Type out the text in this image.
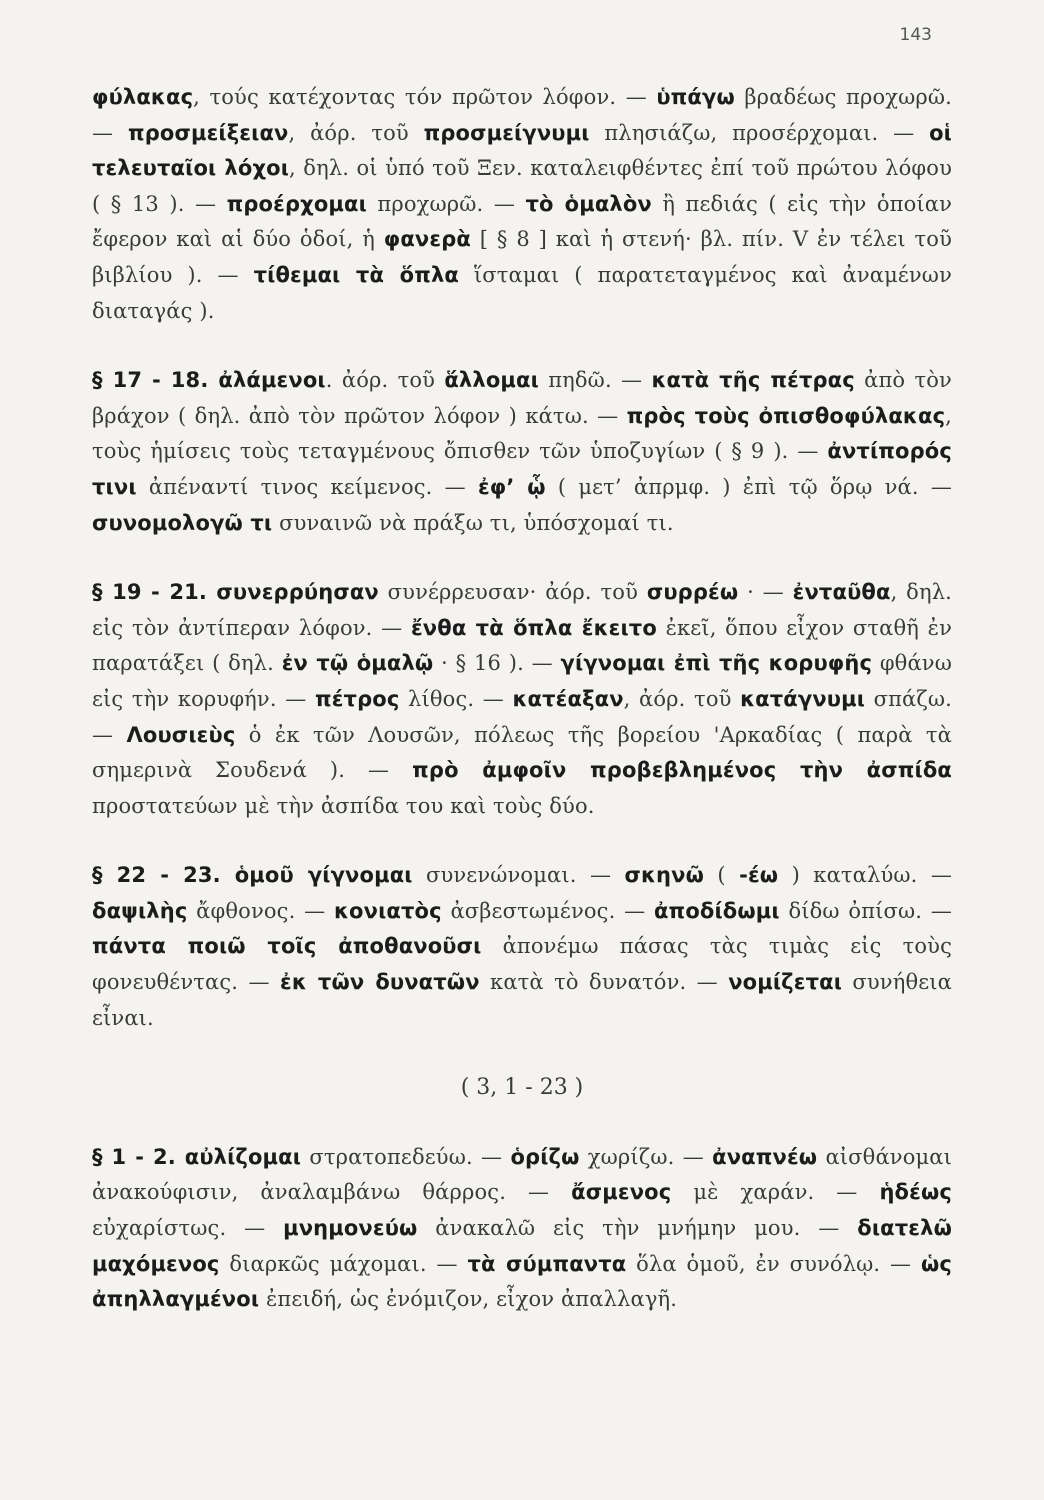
143

φύλακας, τούς κατέχοντας τόν πρῶτον λόφον. — ὑπάγω βραδέως προχωρῶ. — προσμείξειαν, ἀόρ. τοῦ προσμείγνυμι πλησιάζω, προσέρχομαι. — οἱ τελευταῖοι λόχοι, δηλ. οἱ ὑπό τοῦ Ξεν. καταλειφθέντες ἐπί τοῦ πρώτου λόφου ( § 13 ). — προέρχομαι προχωρῶ. — τὸ ὁμαλὸν ἢ πεδιάς ( εἰς τὴν ὁποίαν ἔφερον καὶ αἱ δύο ὁδοί, ἡ φανερὰ [ § 8 ] καὶ ἡ στενή· βλ. πίν. V ἐν τέλει τοῦ βιβλίου ). — τίθεμαι τὰ ὅπλα ἵσταμαι ( παρατεταγμένος καὶ ἀναμένων διαταγάς ).

§ 17 - 18. ἀλάμενοι. ἀόρ. τοῦ ἅλλομαι πηδῶ. — κατὰ τῆς πέτρας ἀπὸ τὸν βράχον ( δηλ. ἀπὸ τὸν πρῶτον λόφον ) κάτω. — πρὸς τοὺς ὀπισθοφύλακας, τοὺς ἡμίσεις τοὺς τεταγμένους ὄπισθεν τῶν ὑποζυγίων ( § 9 ). — ἀντίπορός τινι ἀπέναντί τινος κείμενος. — ἐφ’ ᾧ ( μετ’ ἀπρμφ. ) ἐπὶ τῷ ὅρῳ νά. — συνομολογῶ τι συναινῶ νὰ πράξω τι, ὑπόσχομαί τι.

§ 19 - 21. συνερρύησαν συνέρρευσαν· ἀόρ. τοῦ συρρέω · — ἐνταῦθα, δηλ. εἰς τὸν ἀντίπεραν λόφον. — ἔνθα τὰ ὅπλα ἔκειτο ἐκεῖ, ὅπου εἶχον σταθῆ ἐν παρατάξει ( δηλ. ἐν τῷ ὁμαλῷ · § 16 ). — γίγνομαι ἐπὶ τῆς κορυφῆς φθάνω εἰς τὴν κορυφήν. — πέτρος λίθος. — κατέαξαν, ἀόρ. τοῦ κατάγνυμι σπάζω. — Λουσιεὺς ὁ ἐκ τῶν Λουσῶν, πόλεως τῆς βορείου 'Αρκαδίας ( παρὰ τὰ σημερινὰ Σουδενά ). — πρὸ ἀμφοῖν προβεβλημένος τὴν ἀσπίδα προστατεύων μὲ τὴν ἀσπίδα του καὶ τοὺς δύο.

§ 22 - 23. ὁμοῦ γίγνομαι συνενώνομαι. — σκηνῶ ( -έω ) καταλύω. — δαψιλὴς ἄφθονος. — κονιατὸς ἀσβεστωμένος. — ἀποδίδωμι δίδω ὀπίσω. — πάντα ποιῶ τοῖς ἀποθανοῦσι ἀπονέμω πάσας τὰς τιμὰς εἰς τοὺς φονευθέντας. — ἐκ τῶν δυνατῶν κατὰ τὸ δυνατόν. — νομίζεται συνήθεια εἶναι.

( 3, 1 - 23 )

§ 1 - 2. αὐλίζομαι στρατοπεδεύω. — ὁρίζω χωρίζω. — ἀναπνέω αἰσθάνομαι ἀνακούφισιν, ἀναλαμβάνω θάρρος. — ἄσμενος μὲ χαράν. — ἡδέως εὐχαρίστως. — μνημονεύω ἀνακαλῶ εἰς τὴν μνήμην μου. — διατελῶ μαχόμενος διαρκῶς μάχομαι. — τὰ σύμπαντα ὅλα ὁμοῦ, ἐν συνόλῳ. — ὡς ἀπηλλαγμένοι ἐπειδή, ὡς ἐνόμιζον, εἶχον ἀπαλλαγῆ.
